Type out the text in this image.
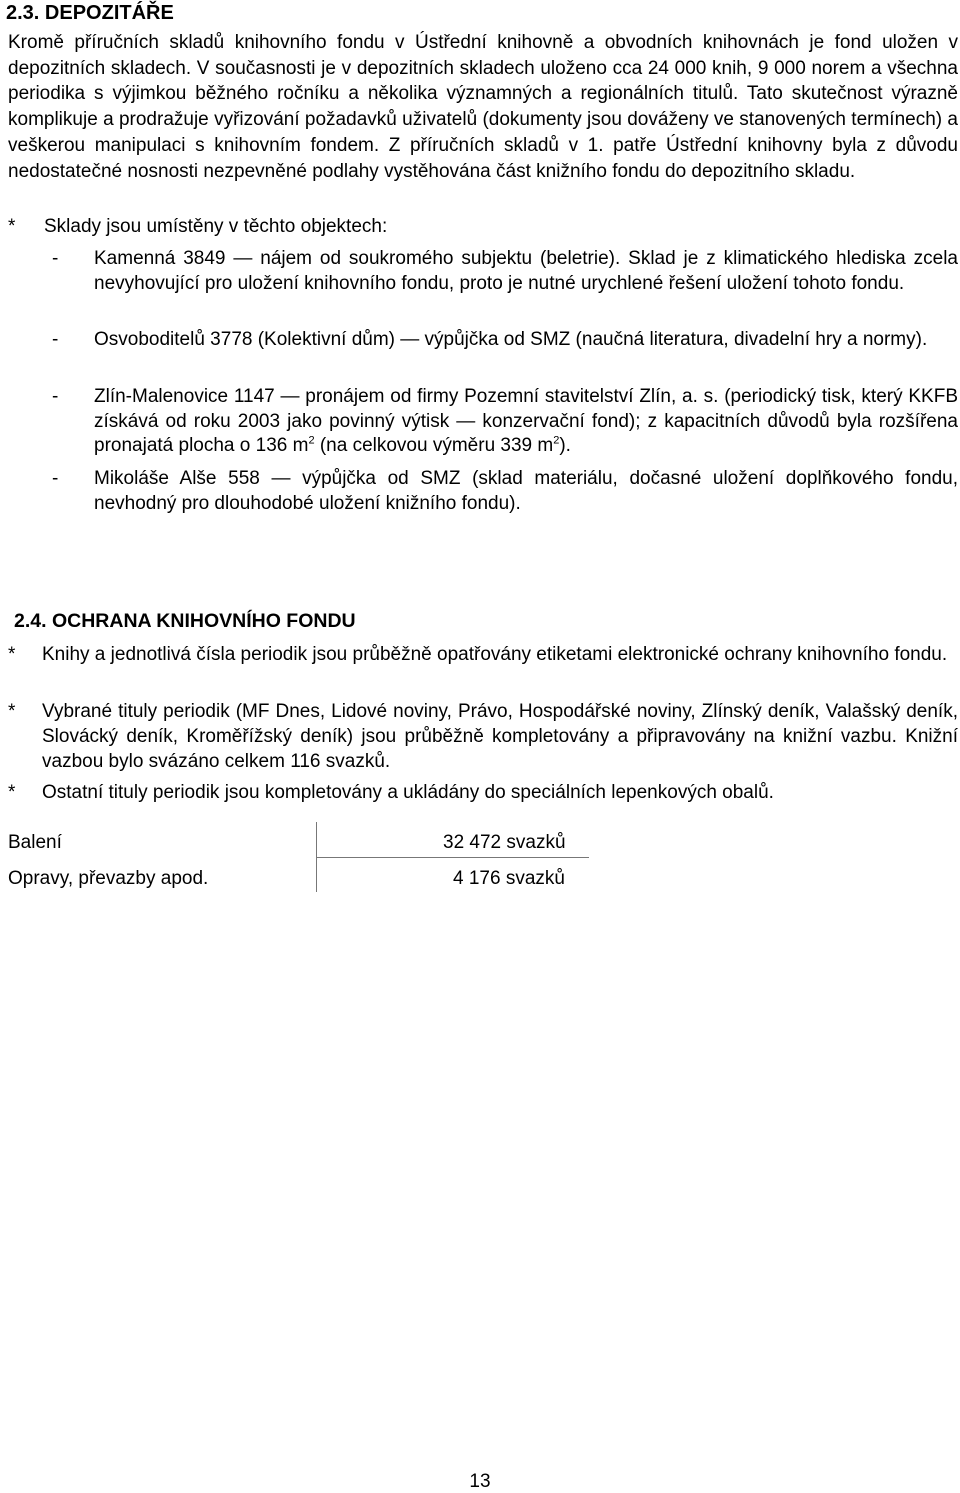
2.3. DEPOZITÁŘE

Kromě příručních skladů knihovního fondu v Ústřední knihovně a obvodních knihovnách je fond uložen v depozitních skladech. V současnosti je v depozitních skladech uloženo cca 24 000 knih, 9 000 norem a všechna periodika s výjimkou běžného ročníku a několika významných a regionálních titulů. Tato skutečnost výrazně komplikuje a prodražuje vyřizování požadavků uživatelů (dokumenty jsou dováženy ve stanovených termínech) a veškerou manipulaci s knihovním fondem. Z příručních skladů v 1. patře Ústřední knihovny byla z důvodu nedostatečné nosnosti nezpevněné podlahy vystěhována část knižního fondu do depozitního skladu.

* Sklady jsou umístěny v těchto objektech:
-	Kamenná 3849 — nájem od soukromého subjektu (beletrie). Sklad je z klimatického hlediska zcela nevyhovující pro uložení knihovního fondu, proto je nutné urychlené řešení uložení tohoto fondu.
-	Osvoboditelů 3778 (Kolektivní dům) — výpůjčka od SMZ (naučná literatura, divadelní hry a normy).
-	Zlín-Malenovice 1147 — pronájem od firmy Pozemní stavitelství Zlín, a. s. (periodický tisk, který KKFB získává od roku 2003 jako povinný výtisk — konzervační fond); z kapacitních důvodů byla rozšířena pronajatá plocha o 136 $m^2$ (na celkovou výměru 339 $m^2$).
-	Mikoláše Alše 558 — výpůjčka od SMZ (sklad materiálu, dočasné uložení doplňkového fondu, nevhodný pro dlouhodobé uložení knižního fondu).
2.4. OCHRANA KNIHOVNÍHO FONDU
* Knihy a jednotlivá čísla periodik jsou průběžně opatřovány etiketami elektronické ochrany knihovního fondu.
* Vybrané tituly periodik (MF Dnes, Lidové noviny, Právo, Hospodářské noviny, Zlínský deník, Valašský deník, Slovácký deník, Kroměřížský deník) jsou průběžně kompletovány a připravovány na knižní vazbu. Knižní vazbou bylo svázáno celkem 116 svazků.
* Ostatní tituly periodik jsou kompletovány a ukládány do speciálních lepenkových obalů.
Balení	32 472 svazků
Opravy, převazby apod.	4 176 svazků
13
